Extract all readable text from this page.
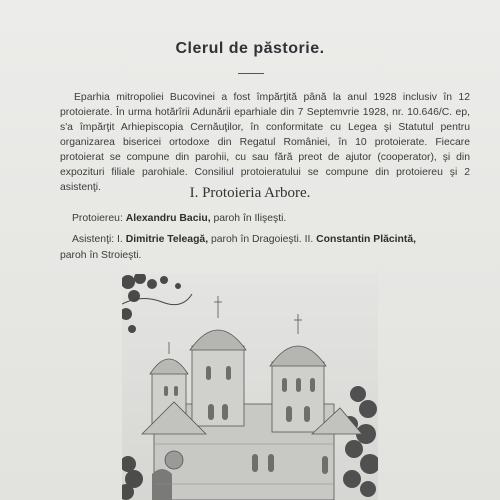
Clerul de păstorie.

Eparhia mitropoliei Bucovinei a fost împărţită până la anul 1928 inclusiv în 12 protoierate. În urma hotărîrii Adunării eparhiale din 7 Septemvrie 1928, nr. 10.646/C. ep, s'a împărţit Arhiepiscopia Cernăuţilor, în conformitate cu Legea şi Statutul pentru organizarea bisericei ortodoxe din Regatul României, în 10 protoierate. Fiecare protoierat se compune din parohii, cu sau fără preot de ajutor (cooperator), şi din expozituri filiale parohiale. Consiliul protoieratului se compune din protoiereu şi 2 asistenţi.	I. Protoieria Arbore.

Protoiereu: Alexandru Baciu, paroh în Ilişeşti.

Asistenţi: I. Dimitrie Teleagă, paroh în Dragoieşti. II. Constantin Plăcintă,

paroh în Stroieşti.
